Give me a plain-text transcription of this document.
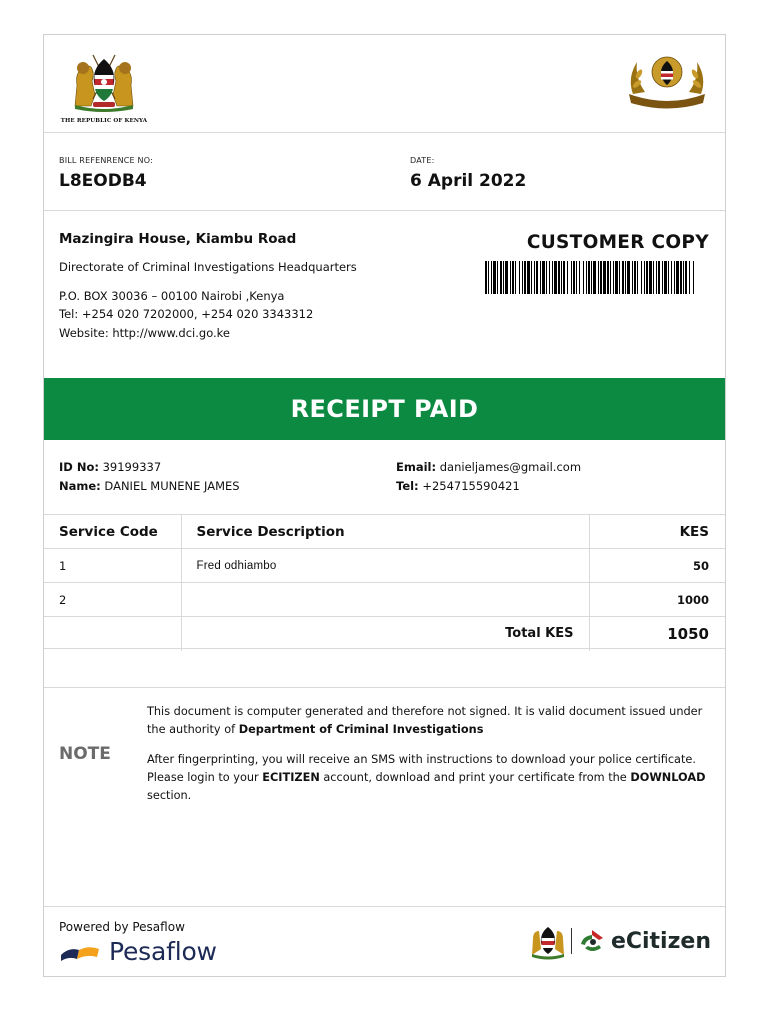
THE REPUBLIC OF KENYA
BILL REFENRENCE NO:
L8EODB4
DATE:
6 April 2022
Mazingira House, Kiambu Road
Directorate of Criminal Investigations Headquarters
P.O. BOX 30036 – 00100 Nairobi ,Kenya
Tel: +254 020 7202000, +254 020 3343312
Website: http://www.dci.go.ke
CUSTOMER COPY
RECEIPT PAID
ID No: 39199337
Name: DANIEL MUNENE JAMES
Email: danieljames@gmail.com
Tel: +254715590421
Service Code	Service Description	KES
1	Fred odhiambo	50
2		1000
	Total KES	1050
NOTE

This document is computer generated and therefore not signed. It is valid document issued under the authority of Department of Criminal Investigations

After fingerprinting, you will receive an SMS with instructions to download your police certificate. Please login to your ECITIZEN account, download and print your certificate from the DOWNLOAD section.

Powered by Pesaflow
Pesaflow	eCitizen
